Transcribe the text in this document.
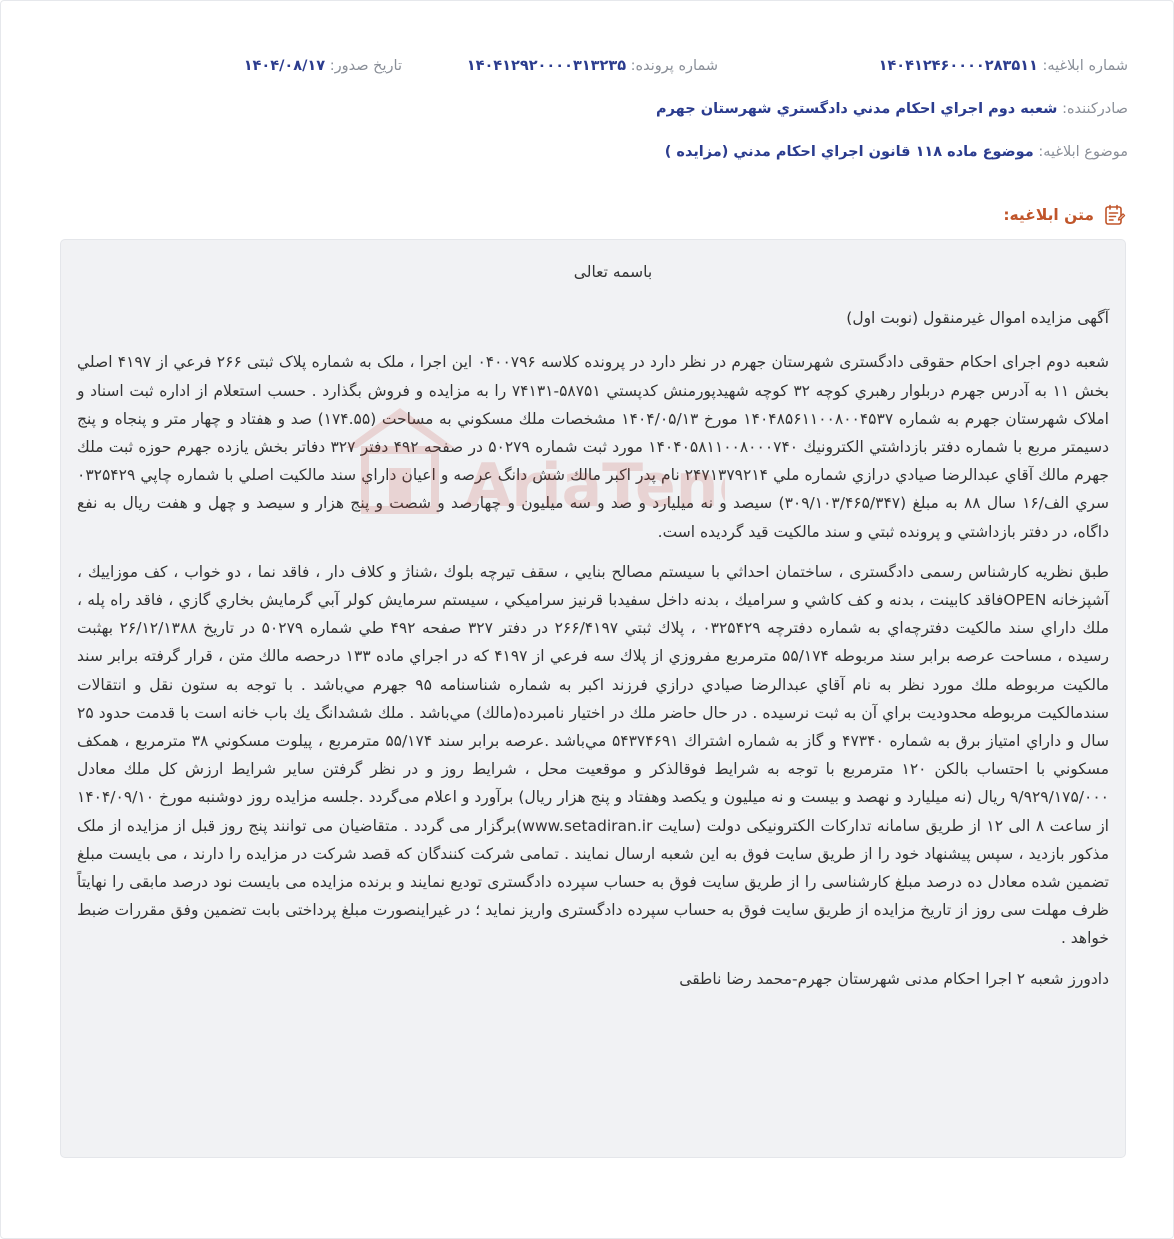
شماره ابلاغیه: ۱۴۰۴۱۲۴۶۰۰۰۰۲۸۳۵۱۱
شماره پرونده: ۱۴۰۴۱۲۹۲۰۰۰۰۳۱۳۲۳۵
تاریخ صدور: ۱۴۰۴/۰۸/۱۷
صادرکننده: شعبه دوم اجراي احكام مدني دادگستري شهرستان جهرم
موضوع ابلاغیه: موضوع ماده ۱۱۸ قانون اجراي احكام مدني (مزايده )
متن ابلاغیه:

باسمه تعالی

آگهی مزایده اموال غیرمنقول (نوبت اول)

شعبه دوم اجرای احکام حقوقی دادگستری شهرستان جهرم در نظر دارد در پرونده کلاسه ۰۴۰۰۷۹۶ این اجرا ، ملک به شماره پلاک ثبتی ۲۶۶ فرعي از ۴۱۹۷ اصلي بخش ۱۱ به آدرس جهرم دربلوار رهبري كوچه ۳۲ كوچه شهيدپورمنش كدپستي ۵۸۷۵۱-۷۴۱۳۱ را به مزایده و فروش بگذارد . حسب استعلام از اداره ثبت اسناد و املاک شهرستان جهرم به شماره ۱۴۰۴۸۵۶۱۱۰۰۸۰۰۴۵۳۷ مورخ ۱۴۰۴/۰۵/۱۳ مشخصات ملك مسكوني به مساحت (۱۷۴.۵۵) صد و هفتاد و چهار متر و پنجاه و پنج دسيمتر مربع با شماره دفتر بازداشتي الكترونيك ۱۴۰۴۰۵۸۱۱۰۰۸۰۰۰۷۴۰ مورد ثبت شماره ۵۰۲۷۹ در صفحه ۴۹۲ دفتر ۳۲۷ دفاتر بخش يازده جهرم حوزه ثبت ملك جهرم مالك آقاي عبدالرضا صيادي درازي شماره ملي ۲۴۷۱۳۷۹۲۱۴ نام پدر اكبر مالك شش دانگ عرصه و اعيان داراي سند مالكيت اصلي با شماره چاپي ۰۳۲۵۴۲۹ سري الف/۱۶ سال ۸۸ به مبلغ (۳۰۹/۱۰۳/۴۶۵/۳۴۷) سيصد و نه ميليارد و صد و سه ميليون و چهارصد و شصت و پنج هزار و سيصد و چهل و هفت ريال به نفع داگاه، در دفتر بازداشتي و پرونده ثبتي و سند مالكيت قيد گرديده است.

طبق نظریه کارشناس رسمی دادگستری ، ساختمان احداثي با سيستم مصالح بنايي ، سقف تيرچه بلوك ،شناژ و كلاف دار ، فاقد نما ، دو خواب ، كف موزاييك ، آشپزخانه OPENفاقد كابينت ، بدنه و كف كاشي و سراميك ، بدنه داخل سفيدبا قرنيز سراميكي ، سيستم سرمايش كولر آبي گرمايش بخاري گازي ، فاقد راه پله ، ملك داراي سند مالكيت دفترچه‌اي به شماره دفترچه ۰۳۲۵۴۲۹ ، پلاك ثبتي ۲۶۶/۴۱۹۷ در دفتر ۳۲۷ صفحه ۴۹۲ طي شماره ۵۰۲۷۹ در تاريخ ۲۶/۱۲/۱۳۸۸ بهثبت رسيده ، مساحت عرصه برابر سند مربوطه ۵۵/۱۷۴ مترمربع مفروزي از پلاك سه فرعي از ۴۱۹۷ كه در اجراي ماده ۱۳۳ درحصه مالك متن ، قرار گرفته برابر سند مالكيت مربوطه ملك مورد نظر به نام آقاي عبدالرضا صيادي درازي فرزند اكبر به شماره شناسنامه ۹۵ جهرم مي‌باشد . با توجه به ستون نقل و انتقالات سندمالكيت مربوطه محدوديت براي آن به ثبت نرسيده . در حال حاضر ملك در اختيار نامبرده(مالك) مي‌باشد . ملك ششدانگ يك باب خانه است با قدمت حدود ۲۵ سال و داراي امتياز برق به شماره ۴۷۳۴۰ و گاز به شماره اشتراك ۵۴۳۷۴۶۹۱ مي‌باشد .عرصه برابر سند ۵۵/۱۷۴ مترمربع ، پيلوت مسكوني ۳۸ مترمربع ، همكف مسكوني با احتساب بالكن ۱۲۰ مترمربع با توجه به شرايط فوقالذكر و موقعيت محل ، شرايط روز و در نظر گرفتن ساير شرايط ارزش كل ملك معادل ۹/۹۲۹/۱۷۵/۰۰۰ ريال (نه ميليارد و نهصد و بيست و نه ميليون و يكصد وهفتاد و پنج هزار ريال) برآورد و اعلام می‌گردد .جلسه مزایده روز دوشنبه مورخ ۱۴۰۴/۰۹/۱۰ از ساعت ۸ الی ۱۲ از طریق سامانه تدارکات الکترونیکی دولت (سایت www.setadiran.ir)برگزار می گردد . متقاضیان می توانند پنج روز قبل از مزایده از ملک مذکور بازدید ، سپس پیشنهاد خود را از طریق سایت فوق به این شعبه ارسال نمایند . تمامی شرکت کنندگان که قصد شرکت در مزایده را دارند ، می بایست مبلغ تضمین شده معادل ده درصد مبلغ کارشناسی را از طریق سایت فوق به حساب سپرده دادگستری تودیع نمایند و برنده مزایده می بایست نود درصد مابقی را نهایتاً ظرف مهلت سی روز از تاریخ مزایده از طریق سایت فوق به حساب سپرده دادگستری واریز نماید ؛ در غیراینصورت مبلغ پرداختی بابت تضمین وفق مقررات ضبط خواهد .

دادورز شعبه ۲ اجرا احكام مدنی شهرستان جهرم-محمد رضا ناطقی
